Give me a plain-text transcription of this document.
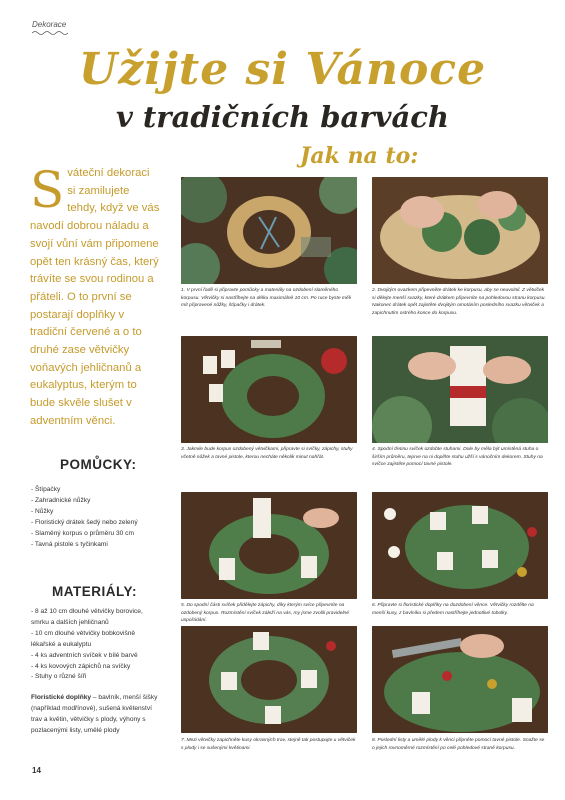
Dekorace
Užijte si Vánoce
v tradičních barvách
Jak na to:
Sváteční dekoraci si zamilujete tehdy, když ve vás navodí dobrou náladu a svojí vůní vám připomene opět ten krásný čas, který trávíte se svou rodinou a přáteli. O to první se postarají doplňky v tradiční červené a o to druhé zase větvičky voňavých jehličnanů a eukalyptus, kterým to bude skvěle slušet v adventním věnci.
POMŮCKY:
- Štípačky
- Zahradnické nůžky
- Nůžky
- Floristický drátek šedý nebo zelený
- Slaměný korpus o průměru 30 cm
- Tavná pistole s tyčinkami
MATERIÁLY:
- 8 až 10 cm dlouhé větvičky borovice, smrku a dalších jehličnanů
- 10 cm dlouhé větvičky bobkovišně lékařské a eukalyptu
- 4 ks adventních svíček v bílé barvě
- 4 ks kovových zápichů na svíčky
- Stuhy o různé šíři
Floristické doplňky – bavlník, menší šišky (například modřínové), sušená květenství trav a květin, větvičky s plody, výhony s pozlacenými listy, umělé plody
14
1. V první řadě si připravte pomůcky a materiály na ozdobení slaměného korpusu. Větvičky si nastříhejte na délku maximálně 10 cm. Po ruce byste měli mít připravené nůžky, štípačky i drátek.
2. Dvojitým ovazkem připevněte drátek ke korpusu, aby se neuvolnil. Z větviček si dělejte menší svazky, které drátkem připevníte na pohledovou stranu korpusu. Nakonec drátek opět zajistěte dvojitým omotáním posledního svazku větviček a zapichnutím ostrého konce do korpusu.
3. Jakmile bude korpus ozdobený větvičkami, připravte si svíčky, zápichy, stuhy včetně nůžek a tavné pistole, kterou necháte několik minut nahřát.
4. Spodní třetinu svíček ozdobte stuhami. Dole by měla být umístěná stuha o širším průměru, teprve na ni doplňte stuhu užší s vánočním dekorem. Stuhy na svíčce zajistěte pomocí tavné pistole.
5. Do spodní části svíček přidělejte zápichy, díky kterým svíce připevníte na ozdobený korpus. Rozmístění svíček záleží na vás, my jsme zvolili pravidelné uspořádání.
6. Připravte si floristické doplňky na dozdobení věnce. Větvičky rozdělte na menší kusy, z bavlníku si předem nastříhejte jednotlivé tobolky.
7. Mezi větvičky zapichněte kusy okrasných trav, stejně tak postupujte u větviček s plody i se sušenými květinami.
8. Poslední listy a umělé plody k věnci připněte pomocí tavné pistole. Snažte se o jejich rovnoměrné rozmístění po celé pohledové straně korpusu.
